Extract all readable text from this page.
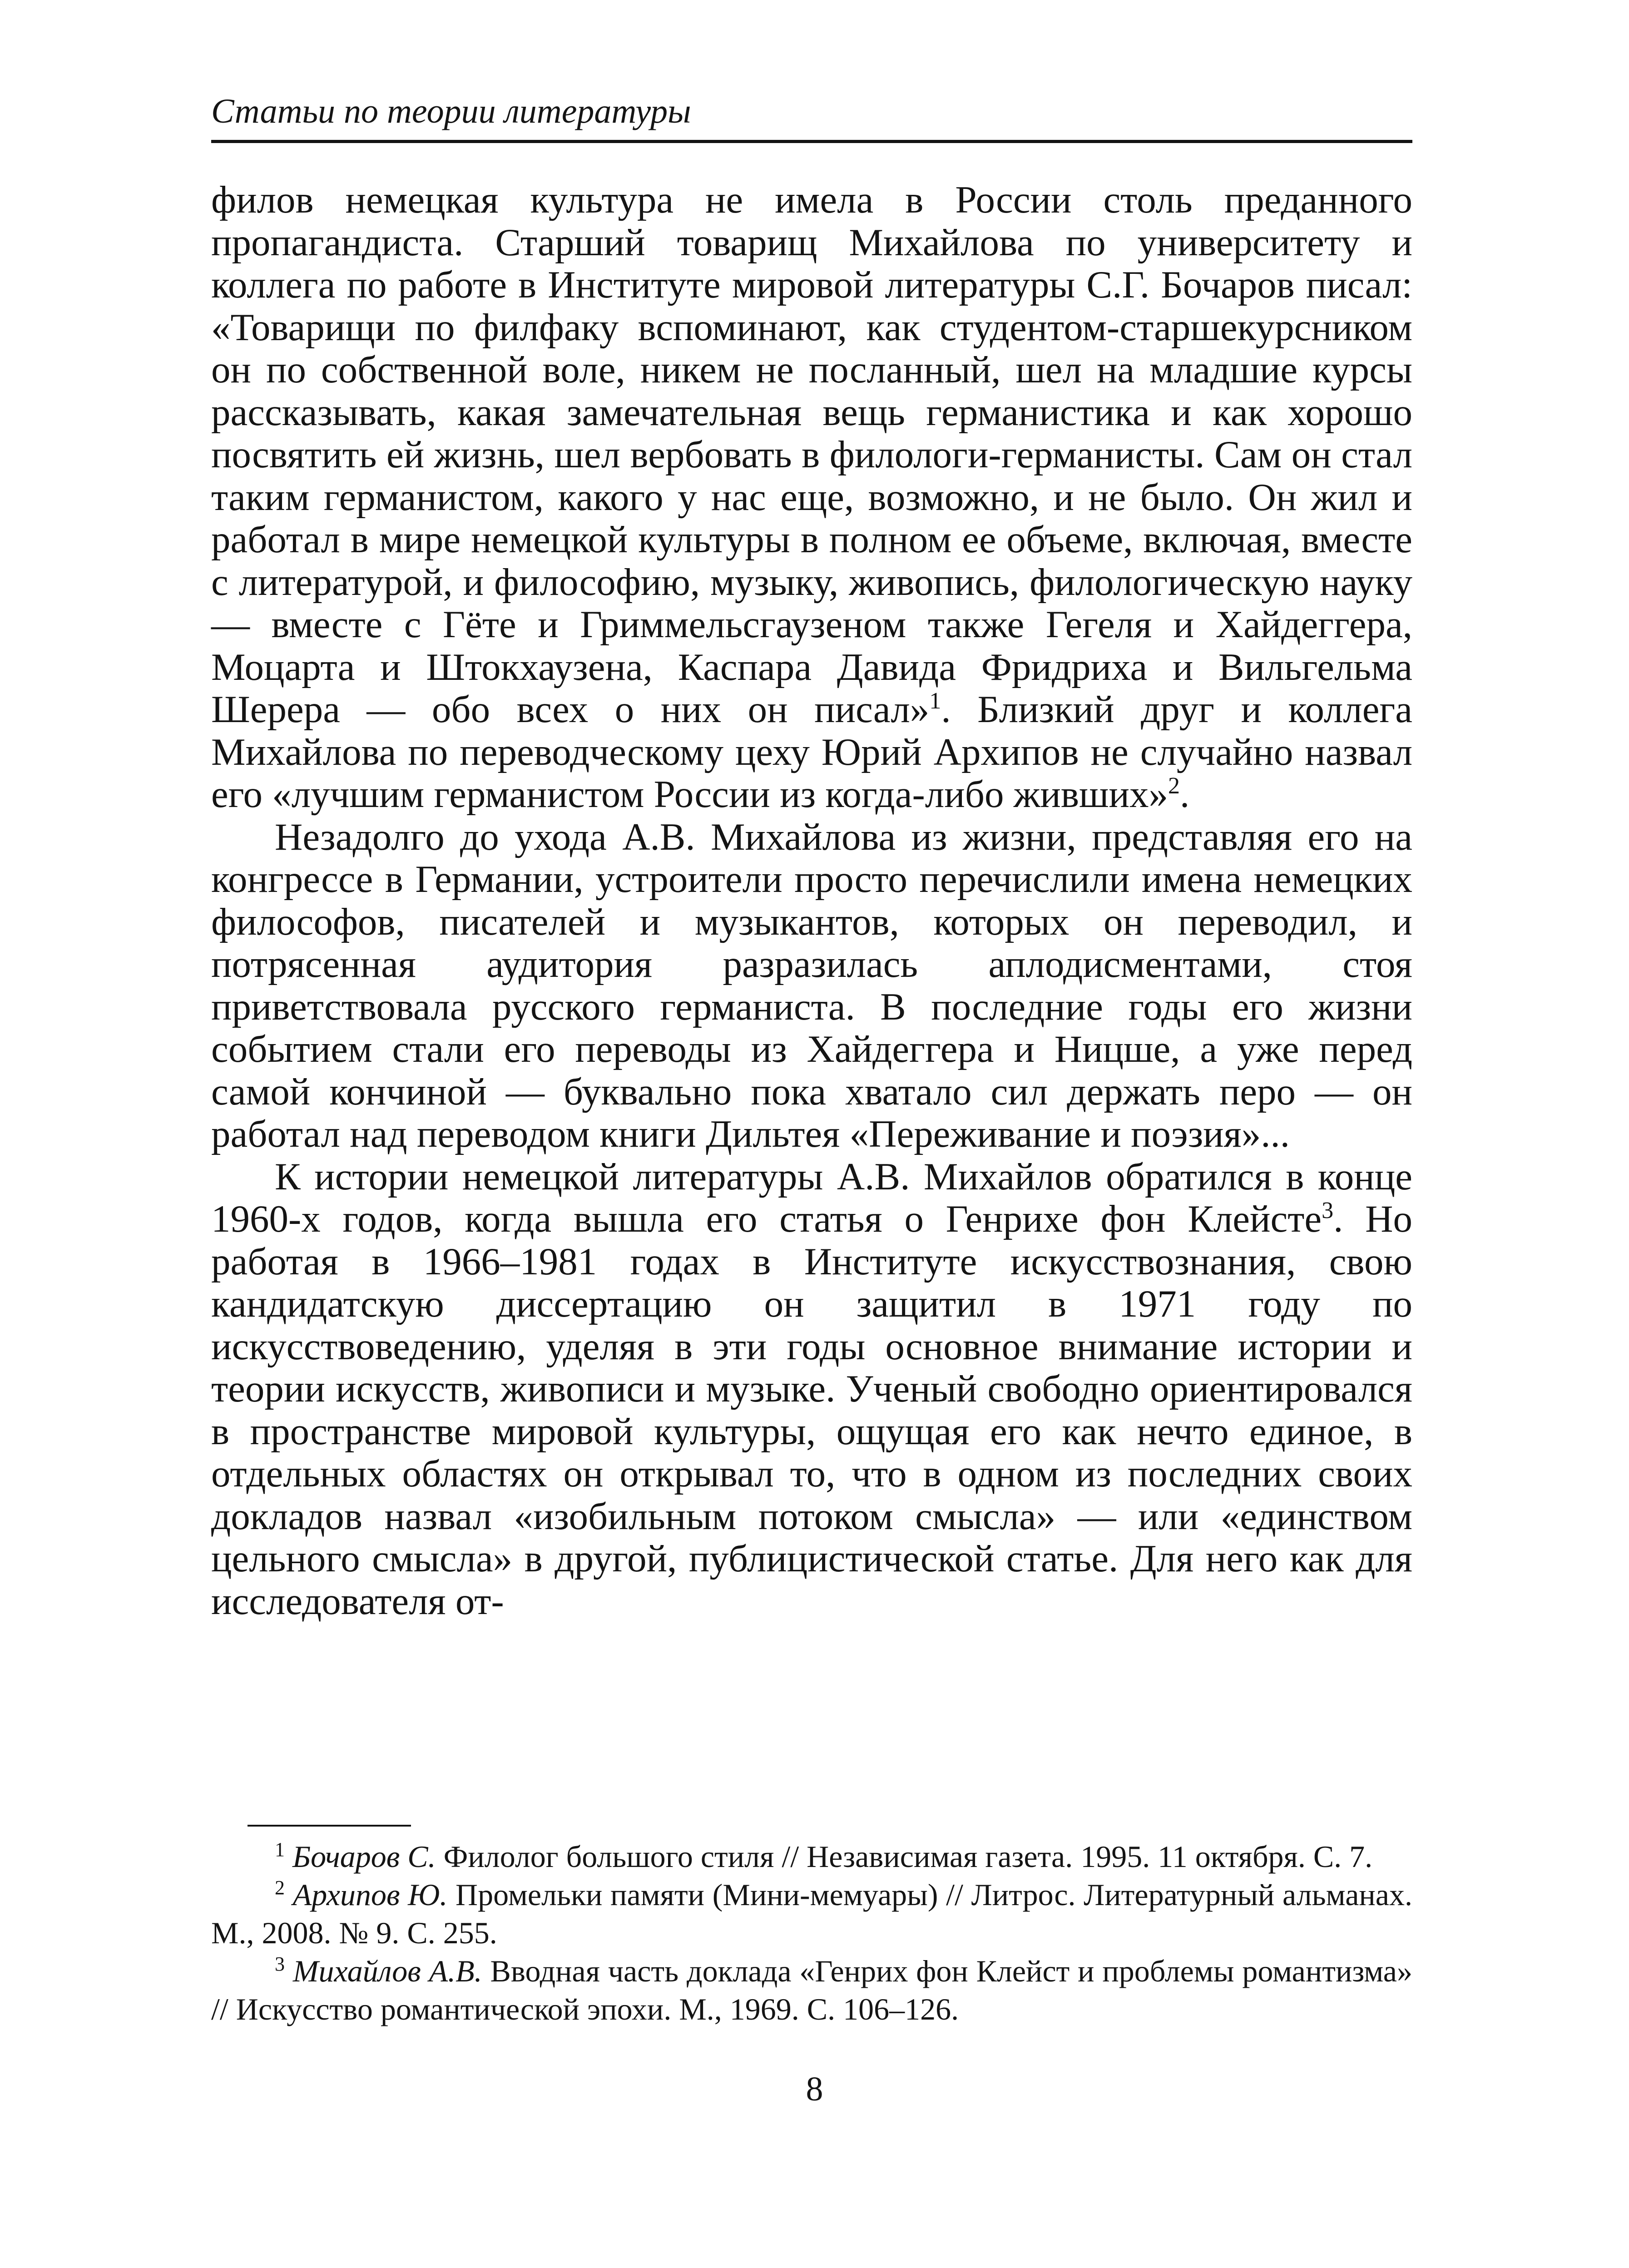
Статьи по теории литературы

филов немецкая культура не имела в России столь преданного пропагандиста. Старший товарищ Михайлова по университету и коллега по работе в Институте мировой литературы С.Г. Бочаров писал: «Товарищи по филфаку вспоминают, как студентом-старшекурсником он по собственной воле, никем не посланный, шел на младшие курсы рассказывать, какая замечательная вещь германистика и как хорошо посвятить ей жизнь, шел вербовать в филологи-германисты. Сам он стал таким германистом, какого у нас еще, возможно, и не было. Он жил и работал в мире немецкой культуры в полном ее объеме, включая, вместе с литературой, и философию, музыку, живопись, филологическую науку — вместе с Гёте и Гриммельсгаузеном также Гегеля и Хайдеггера, Моцарта и Штокхаузена, Каспара Давида Фридриха и Вильгельма Шерера — обо всех о них он писал»$^1$. Близкий друг и коллега Михайлова по переводческому цеху Юрий Архипов не случайно назвал его «лучшим германистом России из когда-либо живших»$^2$.

Незадолго до ухода А.В. Михайлова из жизни, представляя его на конгрессе в Германии, устроители просто перечислили имена немецких философов, писателей и музыкантов, которых он переводил, и потрясенная аудитория разразилась аплодисментами, стоя приветствовала русского германиста. В последние годы его жизни событием стали его переводы из Хайдеггера и Ницше, а уже перед самой кончиной — буквально пока хватало сил держать перо — он работал над переводом книги Дильтея «Переживание и поэзия»...

К истории немецкой литературы А.В. Михайлов обратился в конце 1960-х годов, когда вышла его статья о Генрихе фон Клейсте$^3$. Но работая в 1966–1981 годах в Институте искусствознания, свою кандидатскую диссертацию он защитил в 1971 году по искусствоведению, уделяя в эти годы основное внимание истории и теории искусств, живописи и музыке. Ученый свободно ориентировался в пространстве мировой культуры, ощущая его как нечто единое, в отдельных областях он открывал то, что в одном из последних своих докладов назвал «изобильным потоком смысла» — или «единством цельного смысла» в другой, публицистической статье. Для него как для исследователя от-

$^1$ Бочаров С. Филолог большого стиля // Независимая газета. 1995. 11 октября. С. 7.

$^2$ Архипов Ю. Промельки памяти (Мини-мемуары) // Литрос. Литературный альманах. М., 2008. № 9. С. 255.

$^3$ Михайлов А.В. Вводная часть доклада «Генрих фон Клейст и проблемы романтизма» // Искусство романтической эпохи. М., 1969. С. 106–126.

8
